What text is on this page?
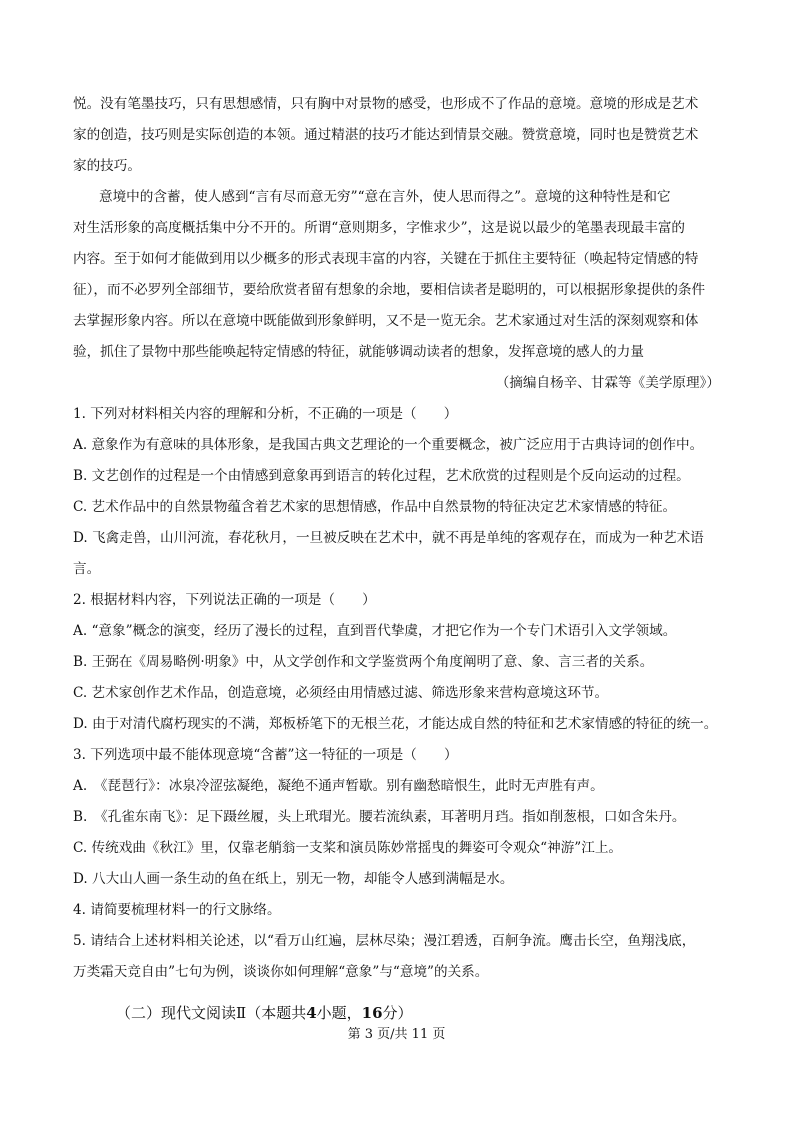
悦。没有笔墨技巧，只有思想感情，只有胸中对景物的感受，也形成不了作品的意境。意境的形成是艺术
家的创造，技巧则是实际创造的本领。通过精湛的技巧才能达到情景交融。赞赏意境，同时也是赞赏艺术
家的技巧。
意境中的含蓄，使人感到“言有尽而意无穷”“意在言外，使人思而得之”。意境的这种特性是和它
对生活形象的高度概括集中分不开的。所谓“意则期多，字惟求少”，这是说以最少的笔墨表现最丰富的
内容。至于如何才能做到用以少概多的形式表现丰富的内容，关键在于抓住主要特征（唤起特定情感的特
征），而不必罗列全部细节，要给欣赏者留有想象的余地，要相信读者是聪明的，可以根据形象提供的条件
去掌握形象内容。所以在意境中既能做到形象鲜明，又不是一览无余。艺术家通过对生活的深刻观察和体
验，抓住了景物中那些能唤起特定情感的特征，就能够调动读者的想象，发挥意境的感人的力量
（摘编自杨辛、甘霖等《美学原理》）
1. 下列对材料相关内容的理解和分析，不正确的一项是（　　）
A. 意象作为有意味的具体形象，是我国古典文艺理论的一个重要概念，被广泛应用于古典诗词的创作中。
B. 文艺创作的过程是一个由情感到意象再到语言的转化过程，艺术欣赏的过程则是个反向运动的过程。
C. 艺术作品中的自然景物蕴含着艺术家的思想情感，作品中自然景物的特征决定艺术家情感的特征。
D. 飞禽走兽，山川河流，春花秋月，一旦被反映在艺术中，就不再是单纯的客观存在，而成为一种艺术语
言。
2. 根据材料内容，下列说法正确的一项是（　　）
A. “意象”概念的演变，经历了漫长的过程，直到晋代挚虞，才把它作为一个专门术语引入文学领域。
B. 王弼在《周易略例·明象》中，从文学创作和文学鉴赏两个角度阐明了意、象、言三者的关系。
C. 艺术家创作艺术作品，创造意境，必须经由用情感过滤、筛选形象来营构意境这环节。
D. 由于对清代腐朽现实的不满，郑板桥笔下的无根兰花，才能达成自然的特征和艺术家情感的特征的统一。
3. 下列选项中最不能体现意境“含蓄”这一特征的一项是（　　）
A.　《琵琶行》：冰泉冷涩弦凝绝，凝绝不通声暂歇。别有幽愁暗恨生，此时无声胜有声。
B.　《孔雀东南飞》：足下蹑丝履，头上玳瑁光。腰若流纨素，耳著明月珰。指如削葱根，口如含朱丹。
C. 传统戏曲《秋江》里，仅靠老艄翁一支桨和演员陈妙常摇曳的舞姿可令观众“神游”江上。
D. 八大山人画一条生动的鱼在纸上，别无一物，却能令人感到满幅是水。
4. 请简要梳理材料一的行文脉络。
5. 请结合上述材料相关论述，以“看万山红遍，层林尽染；漫江碧透，百舸争流。鹰击长空，鱼翔浅底，
万类霜天竞自由”七句为例，谈谈你如何理解“意象”与“意境”的关系。
（二）现代文阅读Ⅱ（本题共4小题，16分）
第 3 页/共 11 页
